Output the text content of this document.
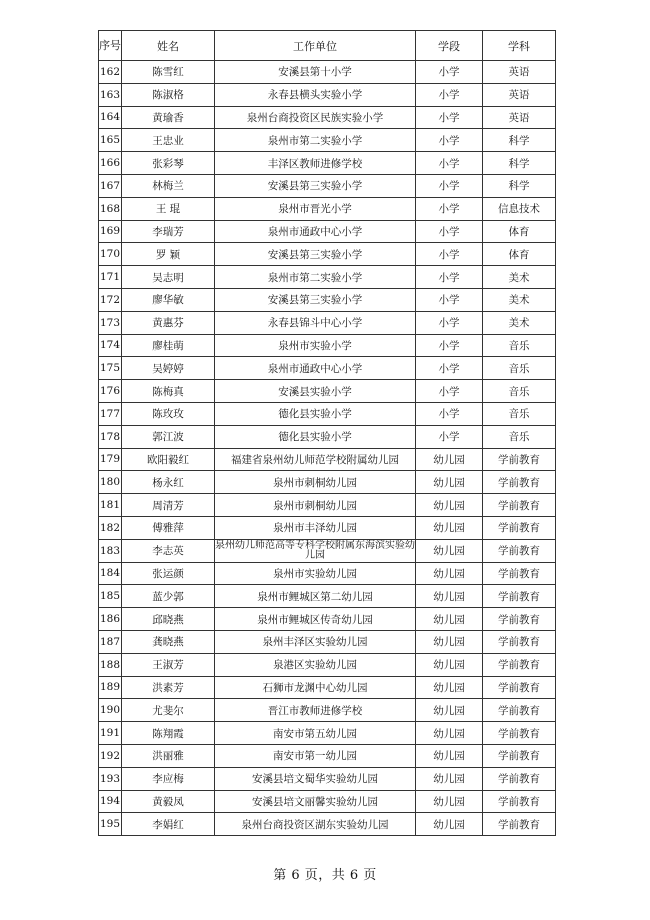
序号	姓名	工作单位	学段	学科
162	陈雪红	安溪县第十小学	小学	英语
163	陈淑格	永春县横头实验小学	小学	英语
164	黄瑜香	泉州台商投资区民族实验小学	小学	英语
165	王忠业	泉州市第二实验小学	小学	科学
166	张彩琴	丰泽区教师进修学校	小学	科学
167	林梅兰	安溪县第三实验小学	小学	科学
168	王 琨	泉州市晋光小学	小学	信息技术
169	李瑞芳	泉州市通政中心小学	小学	体育
170	罗 颖	安溪县第三实验小学	小学	体育
171	吴志明	泉州市第二实验小学	小学	美术
172	廖华敏	安溪县第三实验小学	小学	美术
173	黄惠芬	永春县锦斗中心小学	小学	美术
174	廖桂萌	泉州市实验小学	小学	音乐
175	吴婷婷	泉州市通政中心小学	小学	音乐
176	陈梅真	安溪县实验小学	小学	音乐
177	陈玫玫	德化县实验小学	小学	音乐
178	郭江波	德化县实验小学	小学	音乐
179	欧阳毅红	福建省泉州幼儿师范学校附属幼儿园	幼儿园	学前教育
180	杨永红	泉州市刺桐幼儿园	幼儿园	学前教育
181	周清芳	泉州市刺桐幼儿园	幼儿园	学前教育
182	傅雅萍	泉州市丰泽幼儿园	幼儿园	学前教育
183	李志英	泉州幼儿师范高等专科学校附属东海滨实验幼儿园	幼儿园	学前教育
184	张运颜	泉州市实验幼儿园	幼儿园	学前教育
185	蓝少郭	泉州市鲤城区第二幼儿园	幼儿园	学前教育
186	邱晓燕	泉州市鲤城区传奇幼儿园	幼儿园	学前教育
187	龚晓燕	泉州丰泽区实验幼儿园	幼儿园	学前教育
188	王淑芳	泉港区实验幼儿园	幼儿园	学前教育
189	洪素芳	石狮市龙渊中心幼儿园	幼儿园	学前教育
190	尤斐尔	晋江市教师进修学校	幼儿园	学前教育
191	陈翔霞	南安市第五幼儿园	幼儿园	学前教育
192	洪丽雅	南安市第一幼儿园	幼儿园	学前教育
193	李应梅	安溪县培文蜀华实验幼儿园	幼儿园	学前教育
194	黄毅凤	安溪县培文丽馨实验幼儿园	幼儿园	学前教育
195	李娟红	泉州台商投资区湖东实验幼儿园	幼儿园	学前教育
第 6 页，共 6 页
